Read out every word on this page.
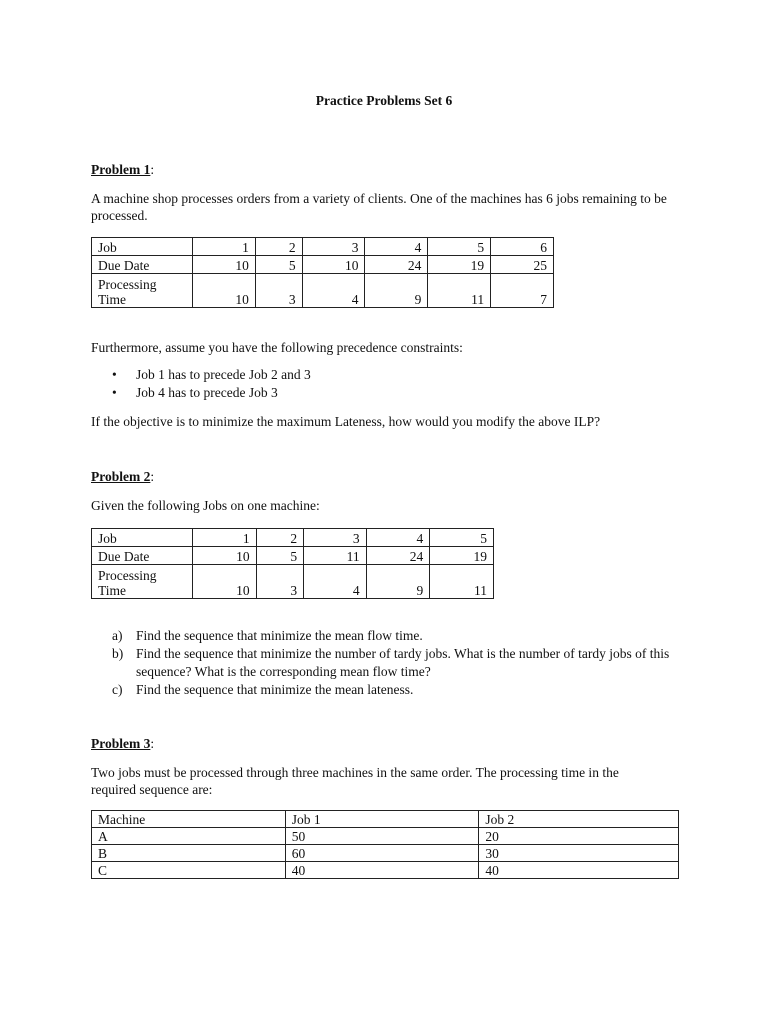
Practice Problems Set 6
Problem 1:
A machine shop processes orders from a variety of clients. One of the machines has 6 jobs remaining to be processed.
Job	1	2	3	4	5	6
Due Date	10	5	10	24	19	25
Processing
Time	10	3	4	9	11	7
Furthermore, assume you have the following precedence constraints:
• Job 1 has to precede Job 2 and 3
• Job 4 has to precede Job 3
If the objective is to minimize the maximum Lateness, how would you modify the above ILP?
Problem 2:
Given the following Jobs on one machine:
Job	1	2	3	4	5
Due Date	10	5	11	24	19
Processing
Time	10	3	4	9	11
a) Find the sequence that minimize the mean flow time.
b) Find the sequence that minimize the number of tardy jobs. What is the number of tardy jobs of this sequence? What is the corresponding mean flow time?
c) Find the sequence that minimize the mean lateness.
Problem 3:
Two jobs must be processed through three machines in the same order. The processing time in the required sequence are:
Machine	Job 1	Job 2
A	50	20
B	60	30
C	40	40
